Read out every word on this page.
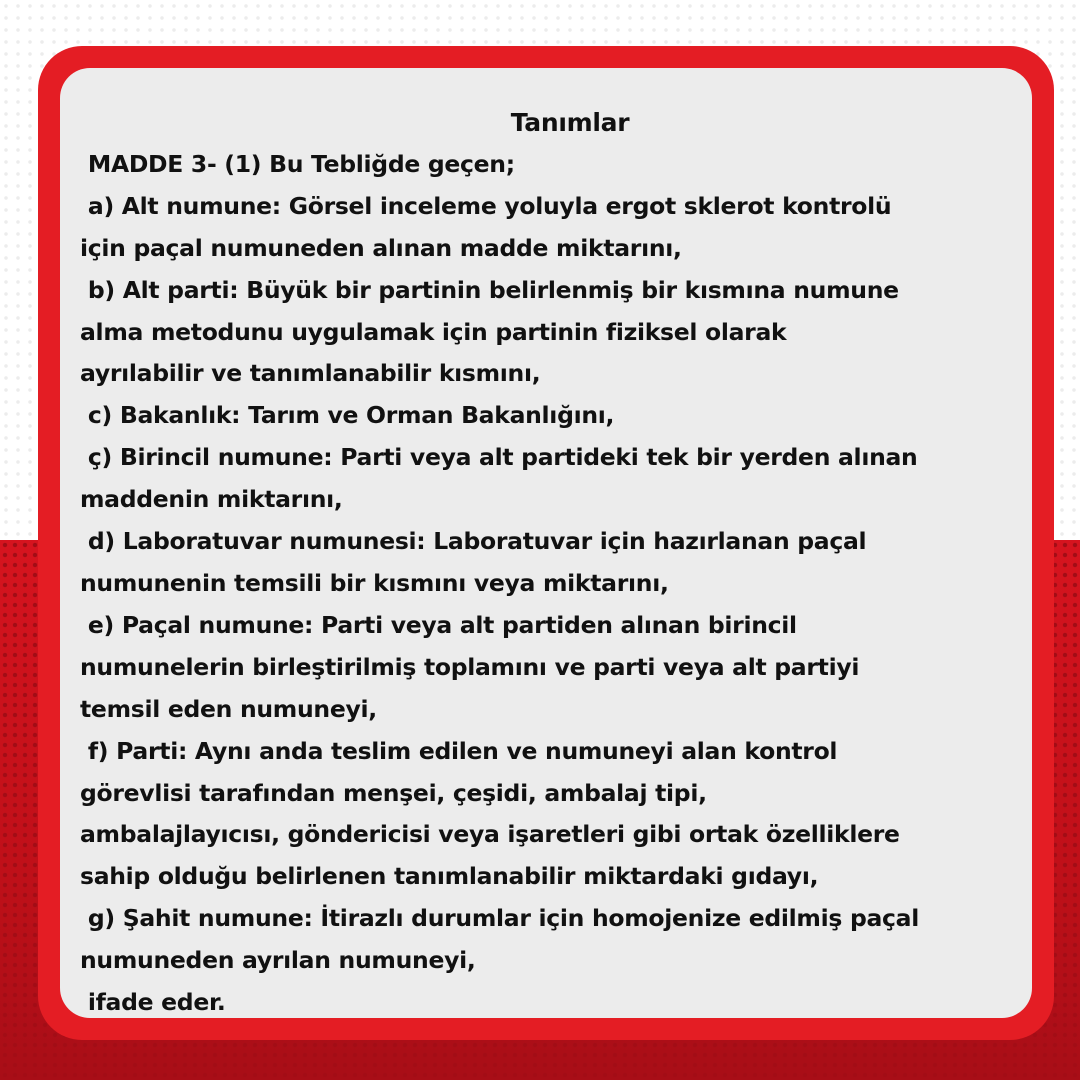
Tanımlar
MADDE 3- (1) Bu Tebliğde geçen;
a) Alt numune: Görsel inceleme yoluyla ergot sklerot kontrolü
için paçal numuneden alınan madde miktarını,
b) Alt parti: Büyük bir partinin belirlenmiş bir kısmına numune
alma metodunu uygulamak için partinin fiziksel olarak
ayrılabilir ve tanımlanabilir kısmını,
c) Bakanlık: Tarım ve Orman Bakanlığını,
ç) Birincil numune: Parti veya alt partideki tek bir yerden alınan
maddenin miktarını,
d) Laboratuvar numunesi: Laboratuvar için hazırlanan paçal
numunenin temsili bir kısmını veya miktarını,
e) Paçal numune: Parti veya alt partiden alınan birincil
numunelerin birleştirilmiş toplamını ve parti veya alt partiyi
temsil eden numuneyi,
f) Parti: Aynı anda teslim edilen ve numuneyi alan kontrol
görevlisi tarafından menşei, çeşidi, ambalaj tipi,
ambalajlayıcısı, göndericisi veya işaretleri gibi ortak özelliklere
sahip olduğu belirlenen tanımlanabilir miktardaki gıdayı,
g) Şahit numune: İtirazlı durumlar için homojenize edilmiş paçal
numuneden ayrılan numuneyi,
ifade eder.
